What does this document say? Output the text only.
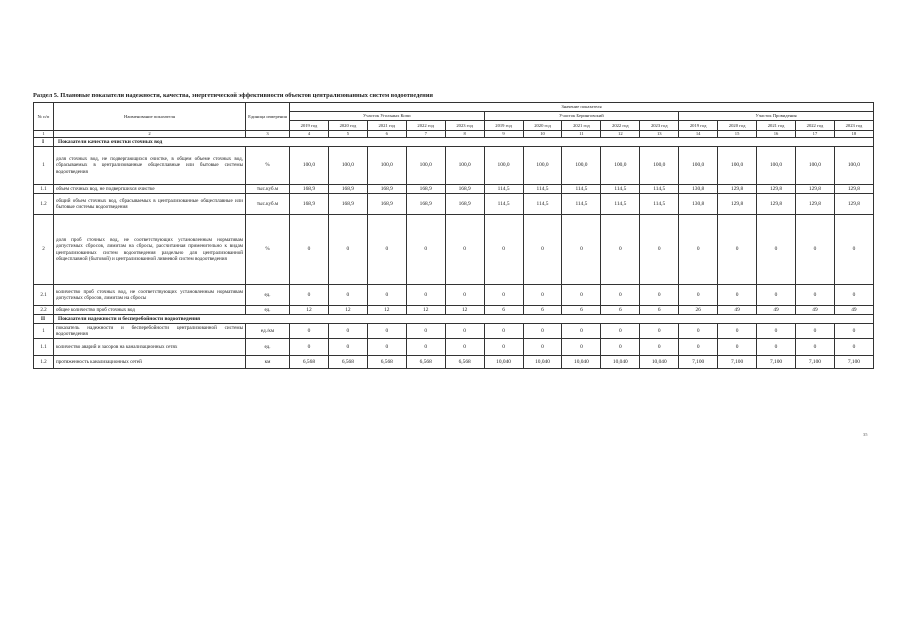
Раздел 5. Плановые показатели надежности, качества, энергетической эффективности объектов централизованных систем водоотведения
№ п/п	Наименование показателя	Единица измерения	Значение показателя														
			Участок Угольных Копи					Участок Беринговский					Участок Провидения				
			2019 год	2020 год	2021 год	2022 год	2023 год	2019 год	2020 год	2021 год	2022 год	2023 год	2019 год	2020 год	2021 год	2022 год	2023 год
1	2	3	4	5	6	7	8	9	10	11	12	13	14	15	16	17	18
I	Показатели качества очистки сточных вод																
1	доля сточных вод, не подвергающихся очистке, в общем объеме сточных вод, сбрасываемых в централизованные общесплавные или бытовые системы водоотведения	%	100,0	100,0	100,0	100,0	100,0	100,0	100,0	100,0	100,0	100,0	100,0	100,0	100,0	100,0	100,0
1.1	объем сточных вод, не подвергшихся очистке	тыс.куб.м	168,9	168,9	168,9	168,9	168,9	114,5	114,5	114,5	114,5	114,5	130,8	129,8	129,8	129,8	129,8
1.2	общий объем сточных вод, сбрасываемых в централизованные общесплавные или бытовые системы водоотведения	тыс.куб.м	168,9	168,9	168,9	168,9	168,9	114,5	114,5	114,5	114,5	114,5	130,8	129,8	129,8	129,8	129,8
2	доля проб сточных вод, не соответствующих установленным нормативам допустимых сбросов, лимитам на сбросы, рассчитанная применительно к видам централизованных систем водоотведения раздельно для централизованной общесплавной (бытовой) и централизованной ливневой систем водоотведения	%	0	0	0	0	0	0	0	0	0	0	0	0	0	0	0
2.1	количество проб сточных вод, не соответствующих установленным нормативам допустимых сбросов, лимитам на сбросы	ед.	0	0	0	0	0	0	0	0	0	0	0	0	0	0	0
2.2	общее количество проб сточных вод	ед.	12	12	12	12	12	6	6	6	6	6	26	49	49	49	49
II	Показатели надежности и бесперебойности водоотведения																
1	показатель надежности и бесперебойности централизованной системы водоотведения	ед./км	0	0	0	0	0	0	0	0	0	0	0	0	0	0	0
1.1	количество аварий и засоров на канализационных сетях	ед.	0	0	0	0	0	0	0	0	0	0	0	0	0	0	0
1.2	протяженность канализационных сетей	км	6,568	6,568	6,568	6,568	6,568	10,040	10,040	10,040	10,040	10,040	7,100	7,100	7,100	7,100	7,100
35
